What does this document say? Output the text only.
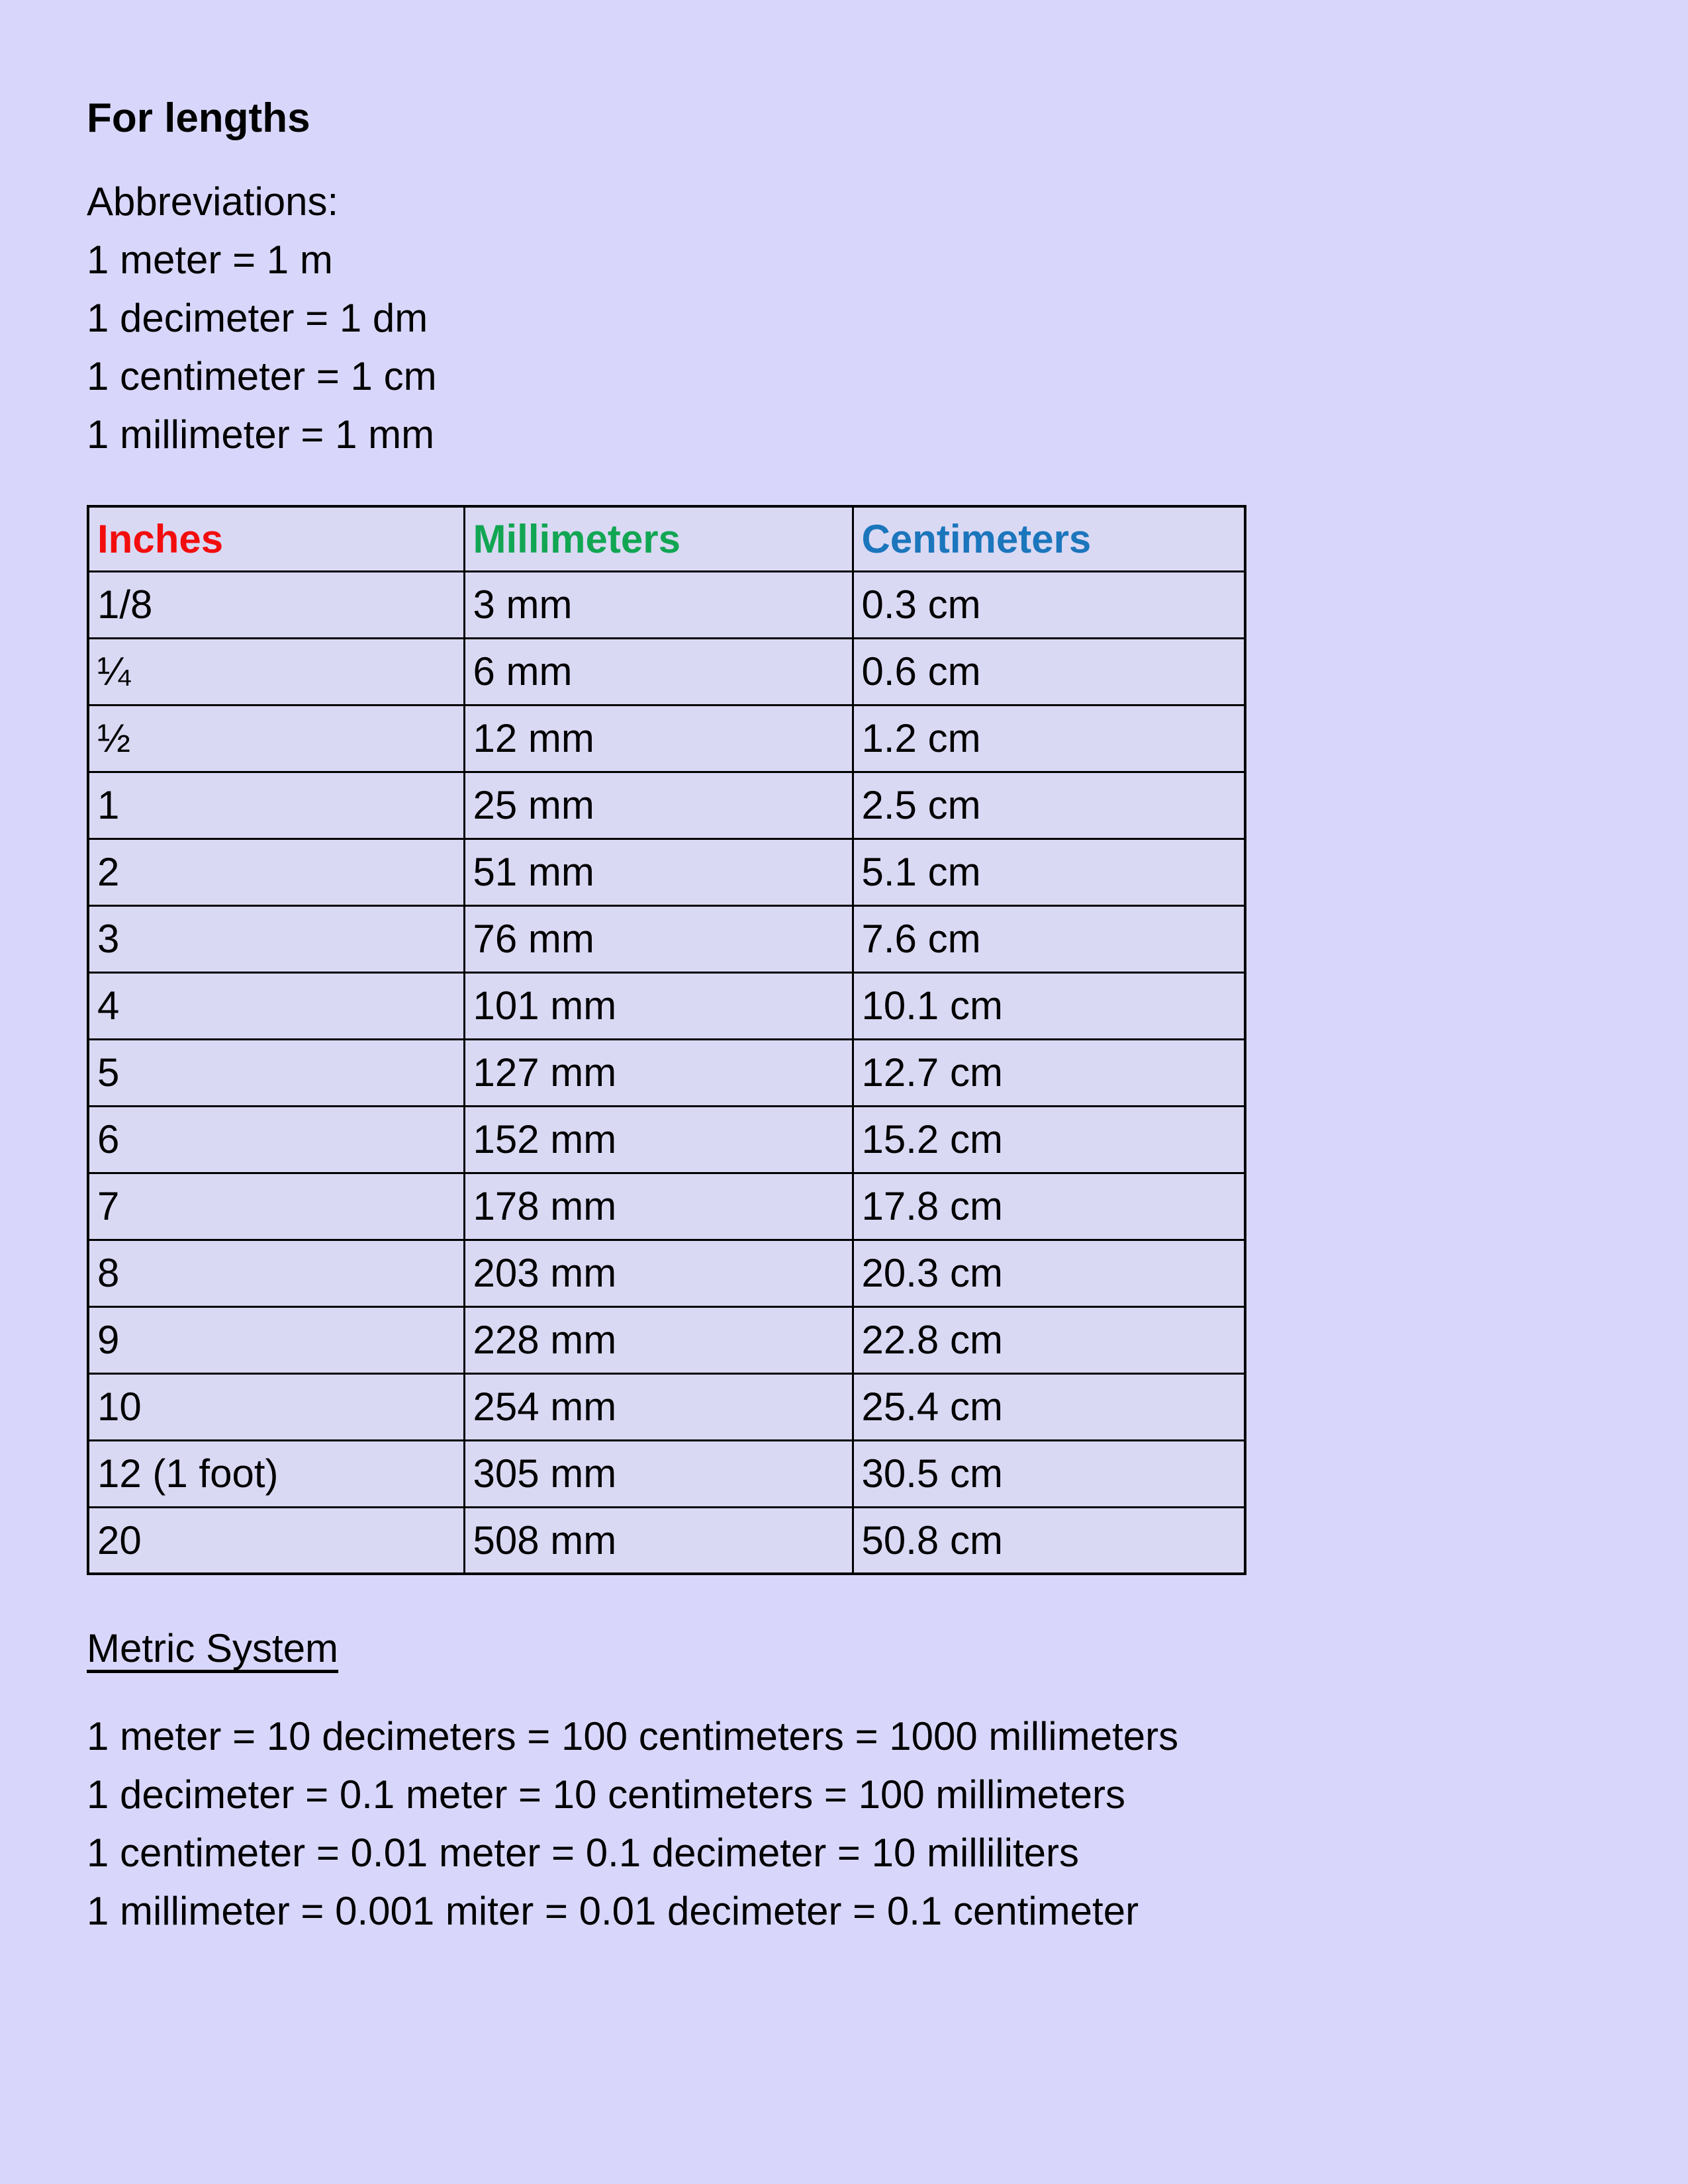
For lengths
Abbreviations:
1 meter = 1 m
1 decimeter = 1 dm
1 centimeter = 1 cm
1 millimeter = 1 mm
Inches	Millimeters	Centimeters
1/8	3 mm	0.3 cm
¼	6 mm	0.6 cm
½	12 mm	1.2 cm
1	25 mm	2.5 cm
2	51 mm	5.1 cm
3	76 mm	7.6 cm
4	101 mm	10.1 cm
5	127 mm	12.7 cm
6	152 mm	15.2 cm
7	178 mm	17.8 cm
8	203 mm	20.3 cm
9	228 mm	22.8 cm
10	254 mm	25.4 cm
12 (1 foot)	305 mm	30.5 cm
20	508 mm	50.8 cm
Metric System
1 meter = 10 decimeters = 100 centimeters = 1000 millimeters
1 decimeter = 0.1 meter = 10 centimeters = 100 millimeters
1 centimeter = 0.01 meter = 0.1 decimeter = 10 milliliters
1 millimeter = 0.001 miter = 0.01 decimeter = 0.1 centimeter
